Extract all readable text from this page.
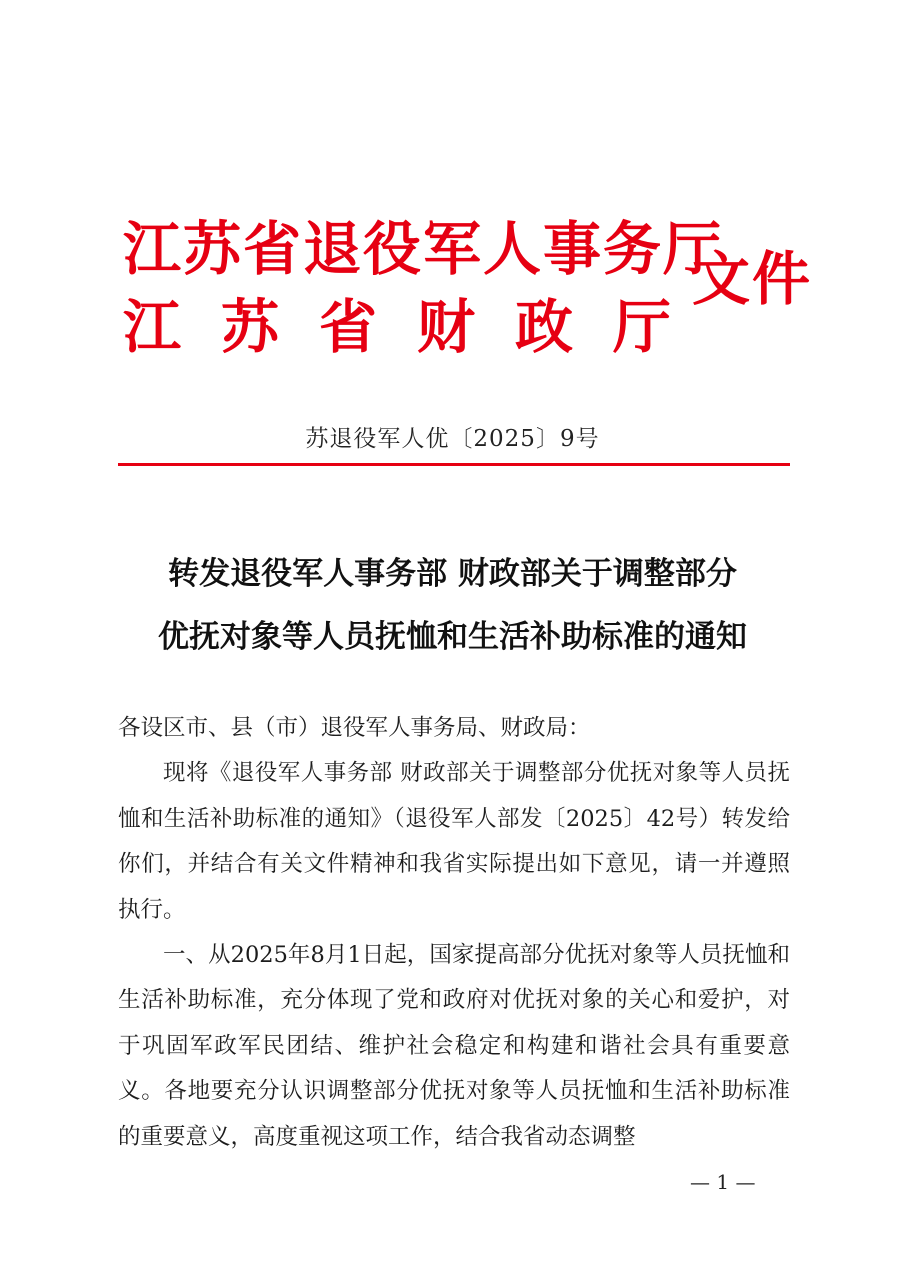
江苏省退役军人事务厅
江 苏 省 财 政 厅
文件
苏退役军人优〔2025〕9号
转发退役军人事务部 财政部关于调整部分
优抚对象等人员抚恤和生活补助标准的通知
各设区市、县（市）退役军人事务局、财政局：

现将《退役军人事务部 财政部关于调整部分优抚对象等人员抚恤和生活补助标准的通知》（退役军人部发〔2025〕42号）转发给你们，并结合有关文件精神和我省实际提出如下意见，请一并遵照执行。

一、从2025年8月1日起，国家提高部分优抚对象等人员抚恤和生活补助标准，充分体现了党和政府对优抚对象的关心和爱护，对于巩固军政军民团结、维护社会稳定和构建和谐社会具有重要意义。各地要充分认识调整部分优抚对象等人员抚恤和生活补助标准的重要意义，高度重视这项工作，结合我省动态调整

— 1 —
